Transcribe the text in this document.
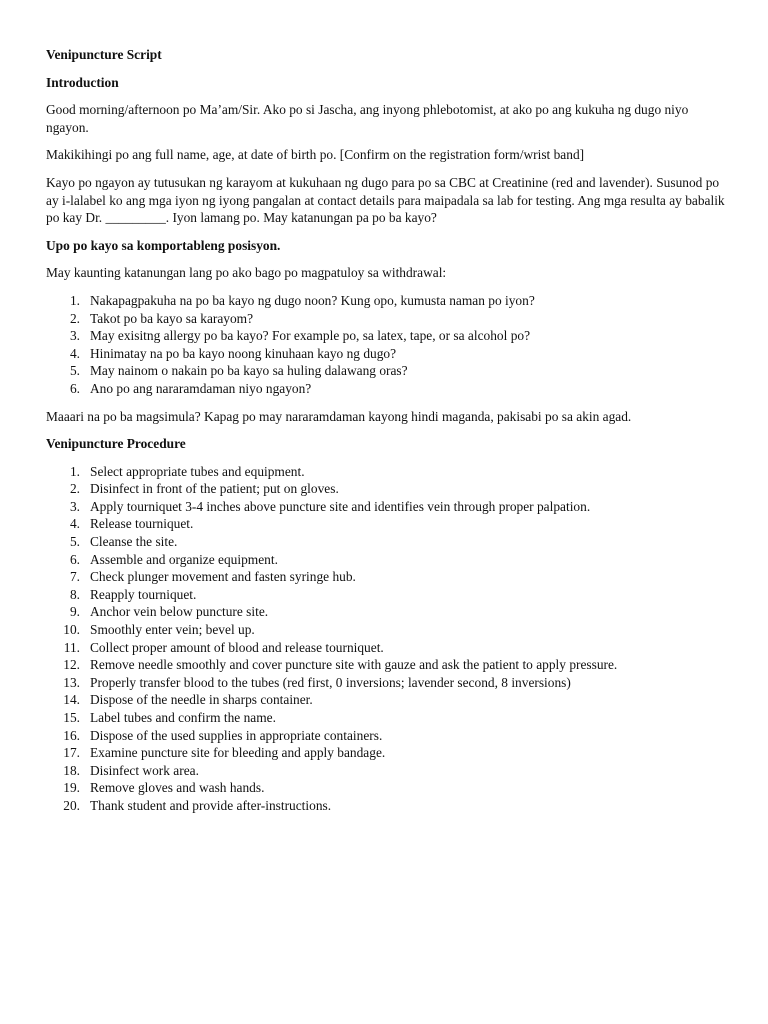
Venipuncture Script

Introduction

Good morning/afternoon po Ma’am/Sir. Ako po si Jascha, ang inyong phlebotomist, at ako po ang kukuha ng dugo niyo ngayon.

Makikihingi po ang full name, age, at date of birth po. [Confirm on the registration form/wrist band]

Kayo po ngayon ay tutusukan ng karayom at kukuhaan ng dugo para po sa CBC at Creatinine (red and lavender). Susunod po ay i-lalabel ko ang mga iyon ng iyong pangalan at contact details para maipadala sa lab for testing. Ang mga resulta ay babalik po kay Dr. _________. Iyon lamang po. May katanungan pa po ba kayo?

Upo po kayo sa komportableng posisyon.

May kaunting katanungan lang po ako bago po magpatuloy sa withdrawal:

1. Nakapagpakuha na po ba kayo ng dugo noon? Kung opo, kumusta naman po iyon?
2. Takot po ba kayo sa karayom?
3. May exisitng allergy po ba kayo? For example po, sa latex, tape, or sa alcohol po?
4. Hinimatay na po ba kayo noong kinuhaan kayo ng dugo?
5. May nainom o nakain po ba kayo sa huling dalawang oras?
6. Ano po ang nararamdaman niyo ngayon?

Maaari na po ba magsimula? Kapag po may nararamdaman kayong hindi maganda, pakisabi po sa akin agad.

Venipuncture Procedure

1. Select appropriate tubes and equipment.
2. Disinfect in front of the patient; put on gloves.
3. Apply tourniquet 3-4 inches above puncture site and identifies vein through proper palpation.
4. Release tourniquet.
5. Cleanse the site.
6. Assemble and organize equipment.
7. Check plunger movement and fasten syringe hub.
8. Reapply tourniquet.
9. Anchor vein below puncture site.
10. Smoothly enter vein; bevel up.
11. Collect proper amount of blood and release tourniquet.
12. Remove needle smoothly and cover puncture site with gauze and ask the patient to apply pressure.
13. Properly transfer blood to the tubes (red first, 0 inversions; lavender second, 8 inversions)
14. Dispose of the needle in sharps container.
15. Label tubes and confirm the name.
16. Dispose of the used supplies in appropriate containers.
17. Examine puncture site for bleeding and apply bandage.
18. Disinfect work area.
19. Remove gloves and wash hands.
20. Thank student and provide after-instructions.
